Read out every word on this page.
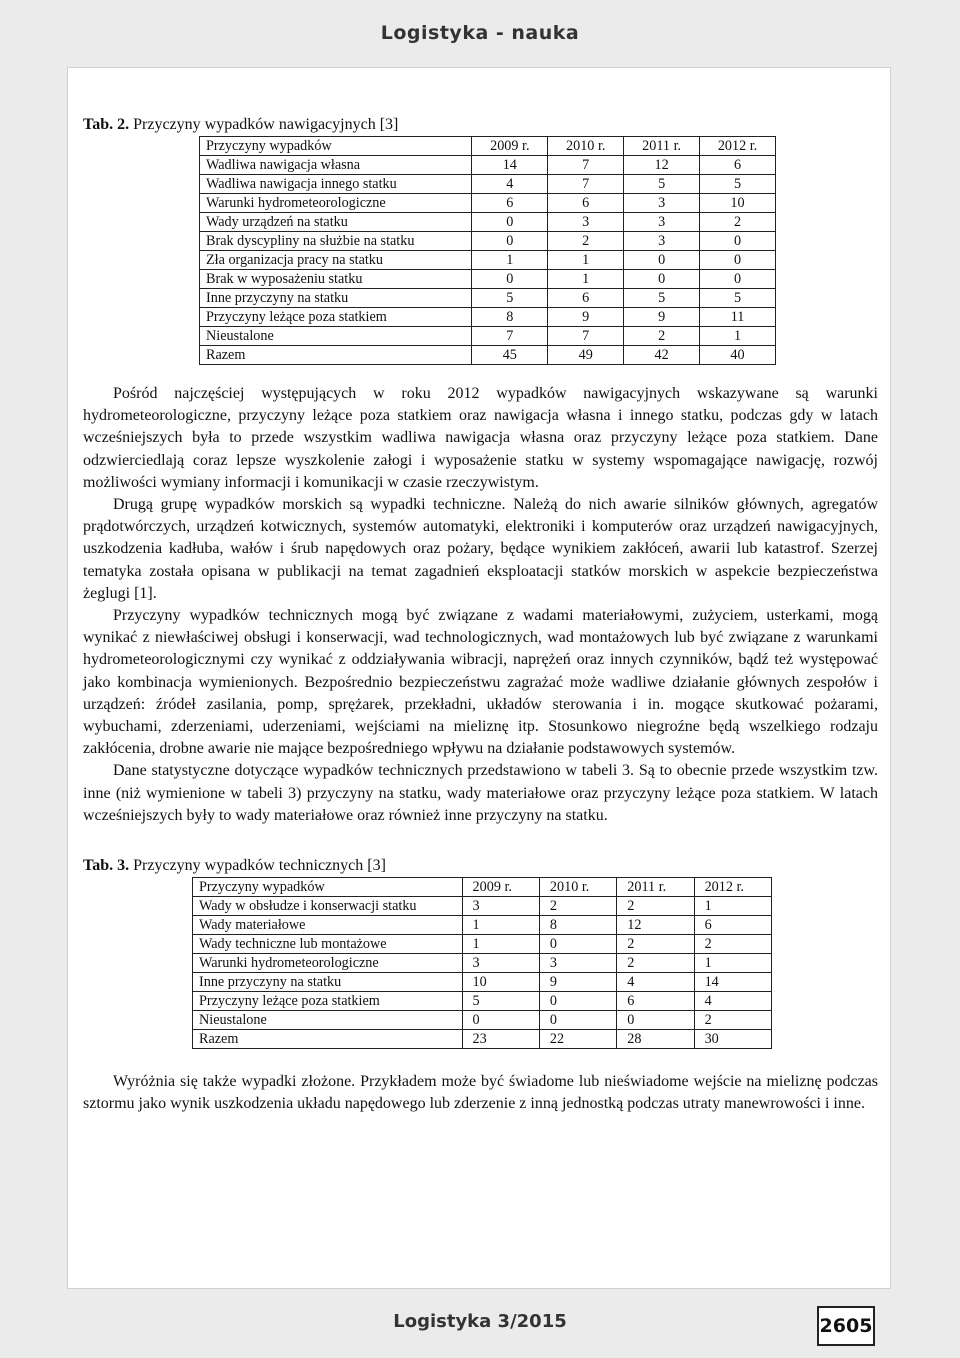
Logistyka - nauka
Tab. 2. Przyczyny wypadków nawigacyjnych [3]
Przyczyny wypadków	2009 r.	2010 r.	2011 r.	2012 r.
Wadliwa nawigacja własna	14	7	12	6
Wadliwa nawigacja innego statku	4	7	5	5
Warunki hydrometeorologiczne	6	6	3	10
Wady urządzeń na statku	0	3	3	2
Brak dyscypliny na służbie na statku	0	2	3	0
Zła organizacja pracy na statku	1	1	0	0
Brak w wyposażeniu statku	0	1	0	0
Inne przyczyny na statku	5	6	5	5
Przyczyny leżące poza statkiem	8	9	9	11
Nieustalone	7	7	2	1
Razem	45	49	42	40

Pośród najczęściej występujących w roku 2012 wypadków nawigacyjnych wskazywane są warunki hydrometeorologiczne, przyczyny leżące poza statkiem oraz nawigacja własna i innego statku, podczas gdy w latach wcześniejszych była to przede wszystkim wadliwa nawigacja własna oraz przyczyny leżące poza statkiem. Dane odzwierciedlają coraz lepsze wyszkolenie załogi i wyposażenie statku w systemy wspomagające nawigację, rozwój możliwości wymiany informacji i komunikacji w czasie rzeczywistym.

Drugą grupę wypadków morskich są wypadki techniczne. Należą do nich awarie silników głównych, agregatów prądotwórczych, urządzeń kotwicznych, systemów automatyki, elektroniki i komputerów oraz urządzeń nawigacyjnych, uszkodzenia kadłuba, wałów i śrub napędowych oraz pożary, będące wynikiem zakłóceń, awarii lub katastrof. Szerzej tematyka została opisana w publikacji na temat zagadnień eksploatacji statków morskich w aspekcie bezpieczeństwa żeglugi [1].

Przyczyny wypadków technicznych mogą być związane z wadami materiałowymi, zużyciem, usterkami, mogą wynikać z niewłaściwej obsługi i konserwacji, wad technologicznych, wad montażowych lub być związane z warunkami hydrometeorologicznymi czy wynikać z oddziaływania wibracji, naprężeń oraz innych czynników, bądź też występować jako kombinacja wymienionych. Bezpośrednio bezpieczeństwu zagrażać może wadliwe działanie głównych zespołów i urządzeń: źródeł zasilania, pomp, sprężarek, przekładni, układów sterowania i in. mogące skutkować pożarami, wybuchami, zderzeniami, uderzeniami, wejściami na mieliznę itp. Stosunkowo niegroźne będą wszelkiego rodzaju zakłócenia, drobne awarie nie mające bezpośredniego wpływu na działanie podstawowych systemów.

Dane statystyczne dotyczące wypadków technicznych przedstawiono w tabeli 3. Są to obecnie przede wszystkim tzw. inne (niż wymienione w tabeli 3) przyczyny na statku, wady materiałowe oraz przyczyny leżące poza statkiem. W latach wcześniejszych były to wady materiałowe oraz również inne przyczyny na statku.

Tab. 3. Przyczyny wypadków technicznych [3]
Przyczyny wypadków	2009 r.	2010 r.	2011 r.	2012 r.
Wady w obsłudze i konserwacji statku	3	2	2	1
Wady materiałowe	1	8	12	6
Wady techniczne lub montażowe	1	0	2	2
Warunki hydrometeorologiczne	3	3	2	1
Inne przyczyny na statku	10	9	4	14
Przyczyny leżące poza statkiem	5	0	6	4
Nieustalone	0	0	0	2
Razem	23	22	28	30

Wyróżnia się także wypadki złożone. Przykładem może być świadome lub nieświadome wejście na mieliznę podczas sztormu jako wynik uszkodzenia układu napędowego lub zderzenie z inną jednostką podczas utraty manewrowości i inne.

Logistyka 3/2015	2605
